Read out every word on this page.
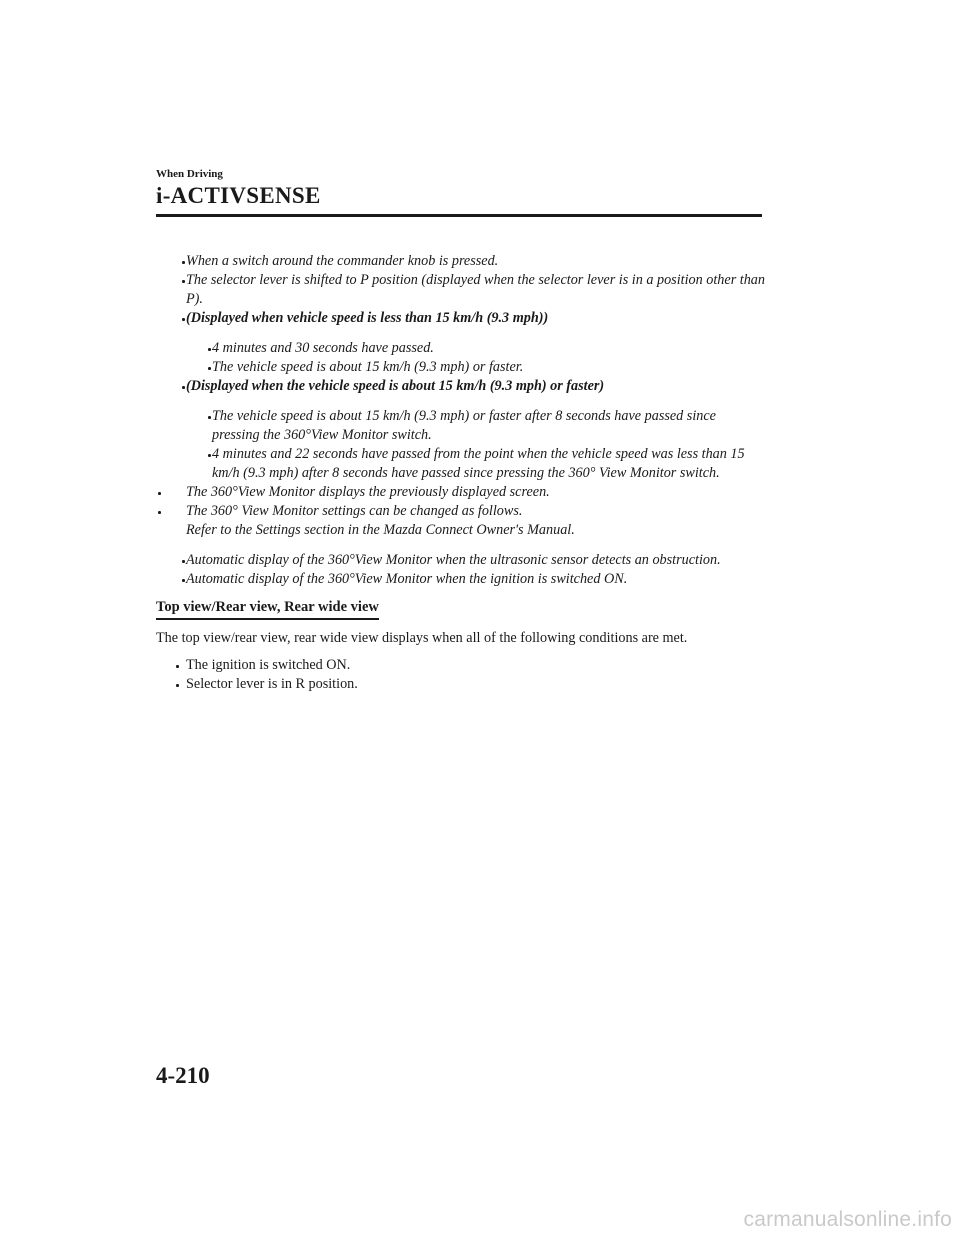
When Driving
i-ACTIVSENSE
When a switch around the commander knob is pressed.
The selector lever is shifted to P position (displayed when the selector lever is in a position other than P).
(Displayed when vehicle speed is less than 15 km/h (9.3 mph))
4 minutes and 30 seconds have passed.
The vehicle speed is about 15 km/h (9.3 mph) or faster.
(Displayed when the vehicle speed is about 15 km/h (9.3 mph) or faster)
The vehicle speed is about 15 km/h (9.3 mph) or faster after 8 seconds have passed since pressing the 360°View Monitor switch.
4 minutes and 22 seconds have passed from the point when the vehicle speed was less than 15 km/h (9.3 mph) after 8 seconds have passed since pressing the 360° View Monitor switch.
The 360°View Monitor displays the previously displayed screen.
The 360° View Monitor settings can be changed as follows.
Refer to the Settings section in the Mazda Connect Owner's Manual.
Automatic display of the 360°View Monitor when the ultrasonic sensor detects an obstruction.
Automatic display of the 360°View Monitor when the ignition is switched ON.
Top view/Rear view, Rear wide view
The top view/rear view, rear wide view displays when all of the following conditions are met.
The ignition is switched ON.
Selector lever is in R position.
4-210
carmanualsonline.info
